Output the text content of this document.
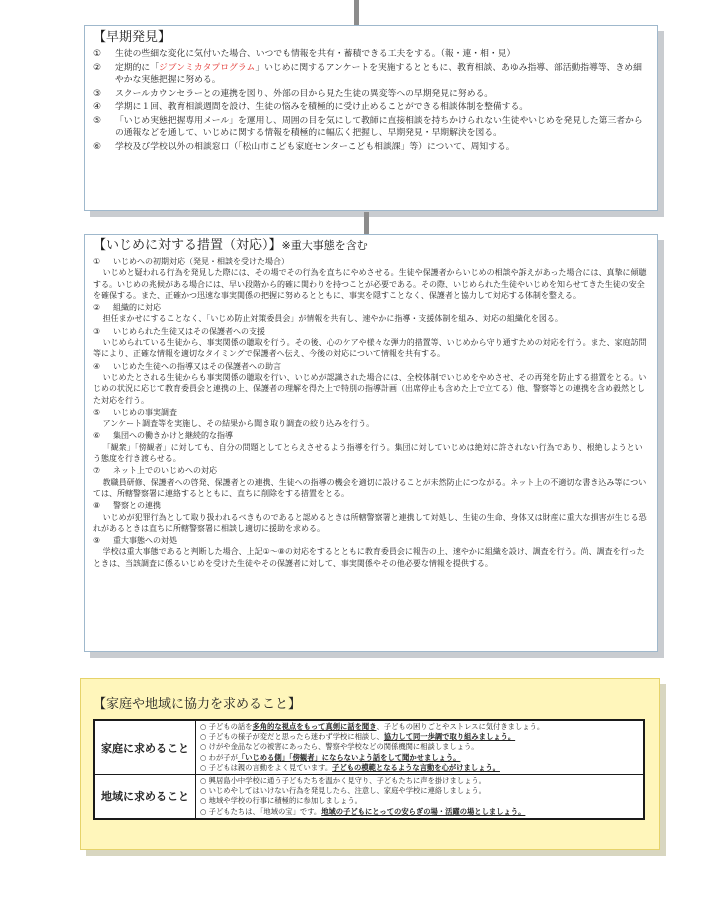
【早期発見】
①	生徒の些細な変化に気付いた場合、いつでも情報を共有・蓄積できる工夫をする。（報・連・相・見）
②	定期的に「ジブンミカタプログラム」いじめに関するアンケートを実施するとともに、教育相談、あゆみ指導、部活動指導等、きめ細やかな実態把握に努める。
③	スクールカウンセラーとの連携を図り、外部の目から見た生徒の異変等への早期発見に努める。
④	学期に１回、教育相談週間を設け、生徒の悩みを積極的に受け止めることができる相談体制を整備する。
⑤	「いじめ実態把握専用メール」を運用し、周囲の目を気にして教師に直接相談を持ちかけられない生徒やいじめを発見した第三者からの通報などを通して、いじめに関する情報を積極的に幅広く把握し、早期発見・早期解決を図る。
⑥	学校及び学校以外の相談窓口（「松山市こども家庭センターこども相談課」等）について、周知する。
【いじめに対する措置（対応）】※重大事態を含む
①	いじめへの初期対応（発見・相談を受けた場合）
いじめと疑われる行為を発見した際には、その場でその行為を直ちにやめさせる。生徒や保護者からいじめの相談や訴えがあった場合には、真摯に傾聴する。いじめの兆候がある場合には、早い段階から的確に関わりを持つことが必要である。その際、いじめられた生徒やいじめを知らせてきた生徒の安全を確保する。また、正確かつ迅速な事実関係の把握に努めるとともに、事実を隠すことなく、保護者と協力して対応する体制を整える。
②	組織的に対応
担任まかせにすることなく、「いじめ防止対策委員会」が情報を共有し、速やかに指導・支援体制を組み、対応の組織化を図る。
③	いじめられた生徒又はその保護者への支援
いじめられている生徒から、事実関係の聴取を行う。その後、心のケアや様々な弾力的措置等、いじめから守り通すための対応を行う。また、家庭訪問等により、正確な情報を適切なタイミングで保護者へ伝え、今後の対応について情報を共有する。
④	いじめた生徒への指導又はその保護者への助言
いじめたとされる生徒からも事実関係の聴取を行い、いじめが認識された場合には、全校体制でいじめをやめさせ、その再発を防止する措置をとる。いじめの状況に応じて教育委員会と連携の上、保護者の理解を得た上で特別の指導計画（出席停止も含めた上で立てる）他、警察等との連携を含め毅然とした対応を行う。
⑤	いじめの事実調査
アンケート調査等を実施し、その結果から聞き取り調査の絞り込みを行う。
⑥	集団への働きかけと継続的な指導
「観衆」「傍観者」に対しても、自分の問題としてとらえさせるよう指導を行う。集団に対していじめは絶対に許されない行為であり、根絶しようという態度を行き渡らせる。
⑦	ネット上でのいじめへの対応
教職員研修、保護者への啓発、保護者との連携、生徒への指導の機会を適切に設けることが未然防止につながる。ネット上の不適切な書き込み等については、所轄警察署に連絡するとともに、直ちに削除をする措置をとる。
⑧	警察との連携
いじめが犯罪行為として取り扱われるべきものであると認めるときは所轄警察署と連携して対処し、生徒の生命、身体又は財産に重大な損害が生じる恐れがあるときは直ちに所轄警察署に相談し適切に援助を求める。
⑨	重大事態への対処
学校は重大事態であると判断した場合、上記①～⑧の対応をするとともに教育委員会に報告の上、速やかに組織を設け、調査を行う。尚、調査を行ったときは、当該調査に係るいじめを受けた生徒やその保護者に対して、事実関係やその他必要な情報を提供する。
【家庭や地域に協力を求めること】
家庭に求めること	○ 子どもの話を多角的な視点をもって真剣に話を聞き、子どもの困りごとやストレスに気付きましょう。
○ 子どもの様子が変だと思ったら迷わず学校に相談し、協力して同一歩調で取り組みましょう。
○ けがや金品などの被害にあったら、警察や学校などの関係機関に相談しましょう。
○ わが子が「いじめる側」「傍観者」にならないよう話をして聞かせましょう。
○ 子どもは親の言動をよく見ています。子どもの模範となるような言動を心がけましょう。

地域に求めること	○ 興居島小中学校に通う子どもたちを温かく見守り、子どもたちに声を掛けましょう。
○ いじめやしてはいけない行為を発見したら、注意し、家庭や学校に連絡しましょう。
○ 地域や学校の行事に積極的に参加しましょう。
○ 子どもたちは、「地域の宝」です。地域の子どもにとっての安らぎの場・活躍の場としましょう。
